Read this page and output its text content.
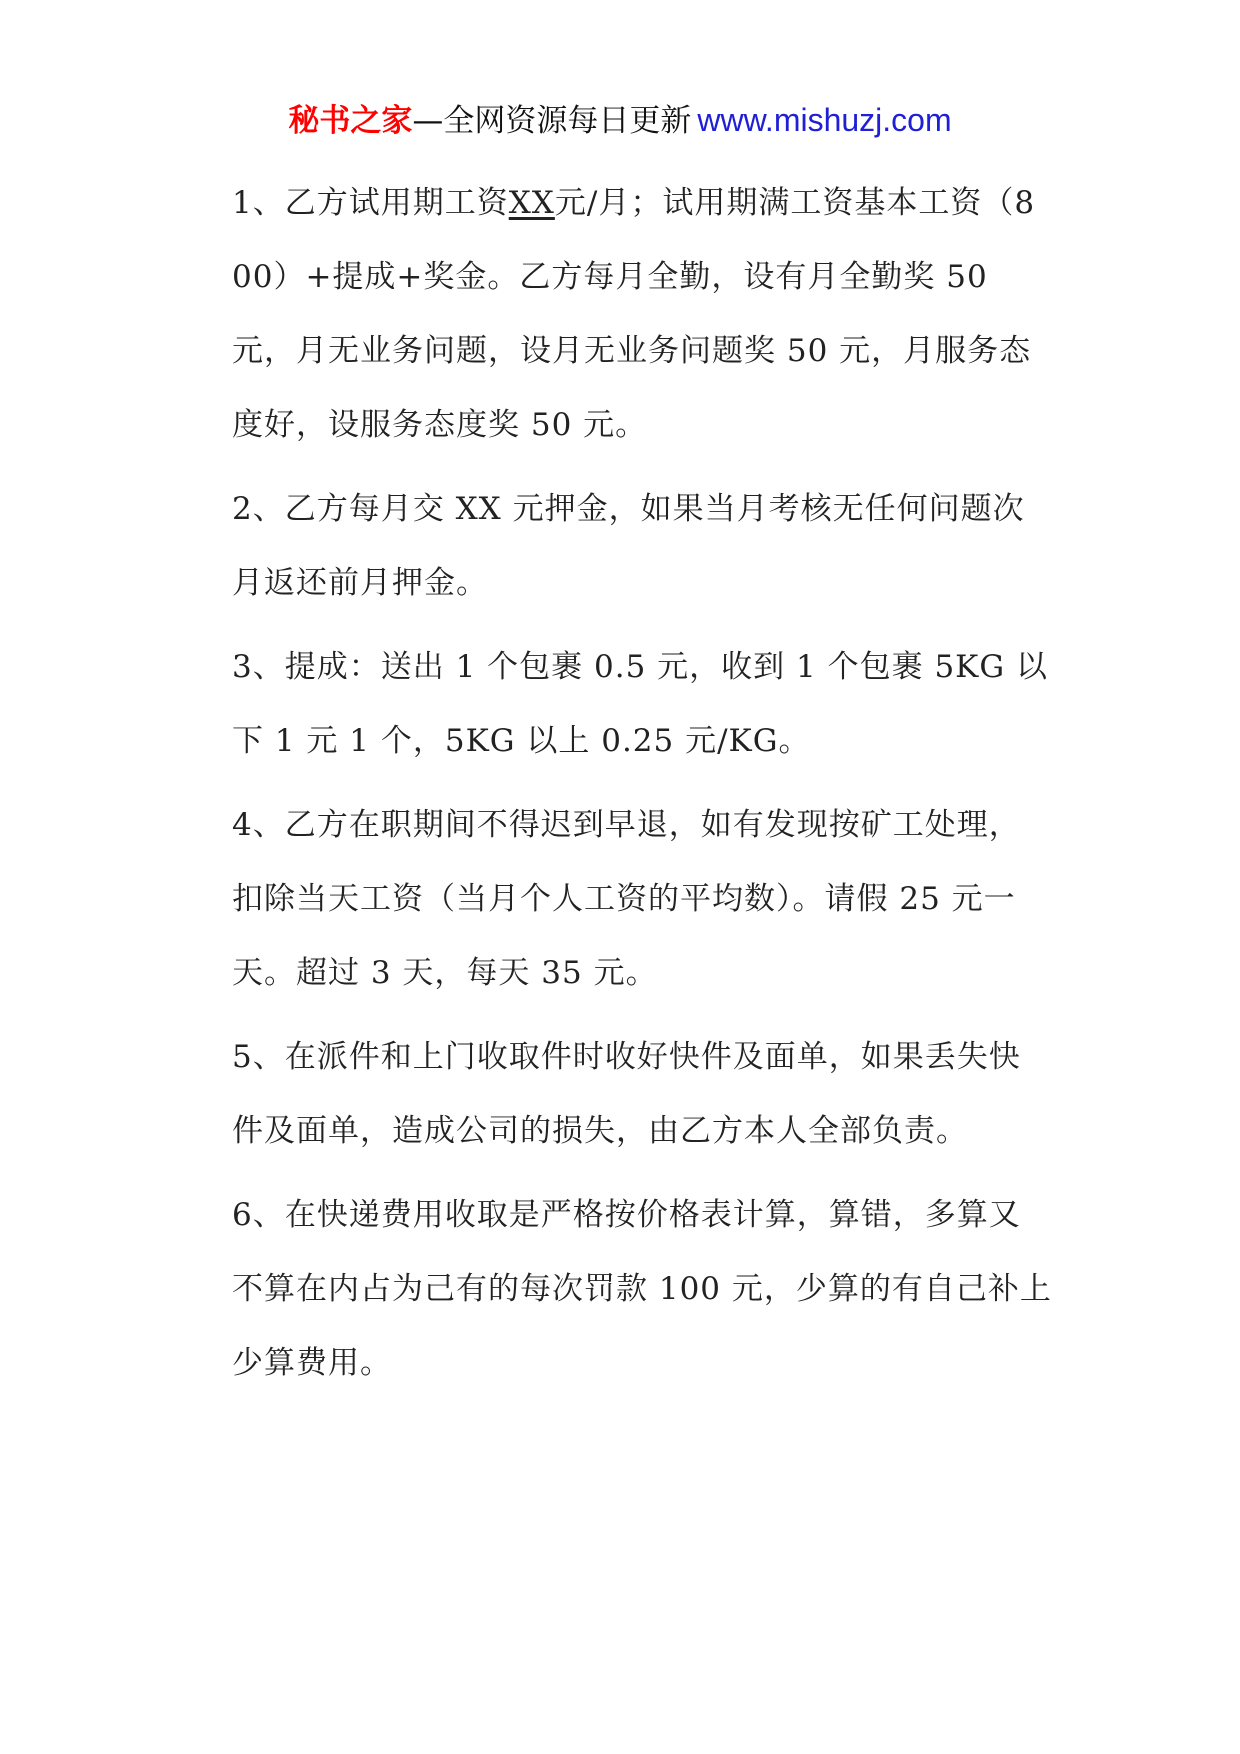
秘书之家—全网资源每日更新 www.mishuzj.com

1、乙方试用期工资XX元/月；试用期满工资基本工资（800）+提成+奖金。乙方每月全勤，设有月全勤奖 50 元，月无业务问题，设月无业务问题奖 50 元，月服务态度好，设服务态度奖 50 元。

2、乙方每月交 XX 元押金，如果当月考核无任何问题次月返还前月押金。

3、提成：送出 1 个包裹 0.5 元，收到 1 个包裹 5KG 以下 1 元 1 个，5KG 以上 0.25 元/KG。

4、乙方在职期间不得迟到早退，如有发现按矿工处理，扣除当天工资（当月个人工资的平均数）。请假 25 元一天。超过 3 天，每天 35 元。

5、在派件和上门收取件时收好快件及面单，如果丢失快件及面单，造成公司的损失，由乙方本人全部负责。

6、在快递费用收取是严格按价格表计算，算错，多算又不算在内占为己有的每次罚款 100 元，少算的有自己补上少算费用。
